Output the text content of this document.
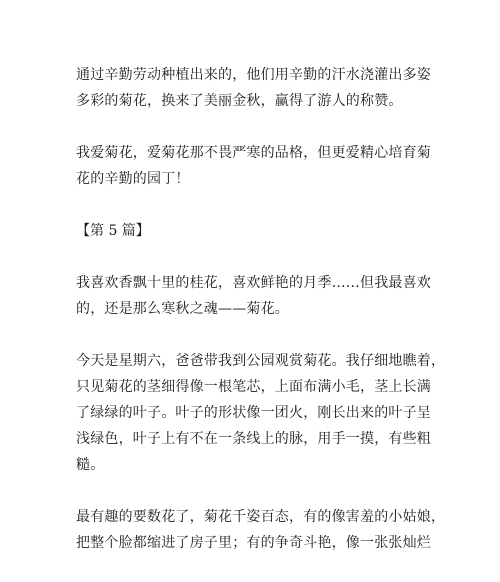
通过辛勤劳动种植出来的，他们用辛勤的汗水浇灌出多姿
多彩的菊花，换来了美丽金秋，赢得了游人的称赞。

我爱菊花，爱菊花那不畏严寒的品格，但更爱精心培育菊
花的辛勤的园丁！

【第 5 篇】

我喜欢香飘十里的桂花，喜欢鲜艳的月季……但我最喜欢
的，还是那么寒秋之魂——菊花。

今天是星期六，爸爸带我到公园观赏菊花。我仔细地瞧着，
只见菊花的茎细得像一根笔芯，上面布满小毛，茎上长满
了绿绿的叶子。叶子的形状像一团火，刚长出来的叶子呈
浅绿色，叶子上有不在一条线上的脉，用手一摸，有些粗
糙。

最有趣的要数花了，菊花千姿百态，有的像害羞的小姑娘，
把整个脸都缩进了房子里；有的争奇斗艳，像一张张灿烂
